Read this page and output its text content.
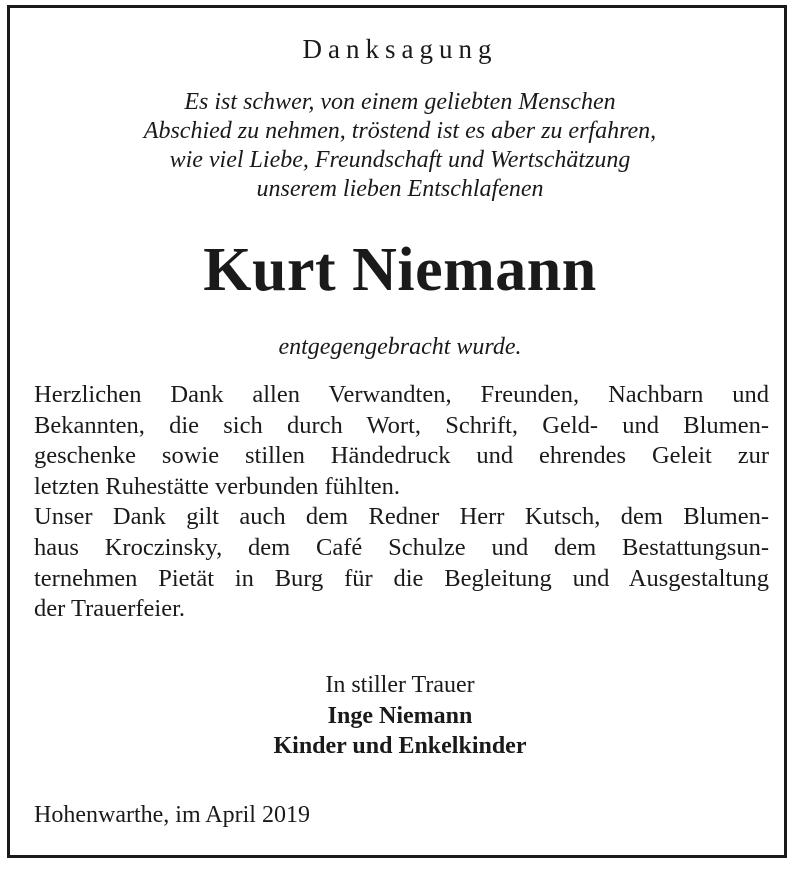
Danksagung
Es ist schwer, von einem geliebten Menschen
Abschied zu nehmen, tröstend ist es aber zu erfahren,
wie viel Liebe, Freundschaft und Wertschätzung
unserem lieben Entschlafenen
Kurt Niemann
entgegengebracht wurde.
Herzlichen Dank allen Verwandten, Freunden, Nachbarn und
Bekannten, die sich durch Wort, Schrift, Geld- und Blumen-
geschenke sowie stillen Händedruck und ehrendes Geleit zur
letzten Ruhestätte verbunden fühlten.
Unser Dank gilt auch dem Redner Herr Kutsch, dem Blumen-
haus Kroczinsky, dem Café Schulze und dem Bestattungsun-
ternehmen Pietät in Burg für die Begleitung und Ausgestaltung
der Trauerfeier.
In stiller Trauer
Inge Niemann
Kinder und Enkelkinder
Hohenwarthe, im April 2019
